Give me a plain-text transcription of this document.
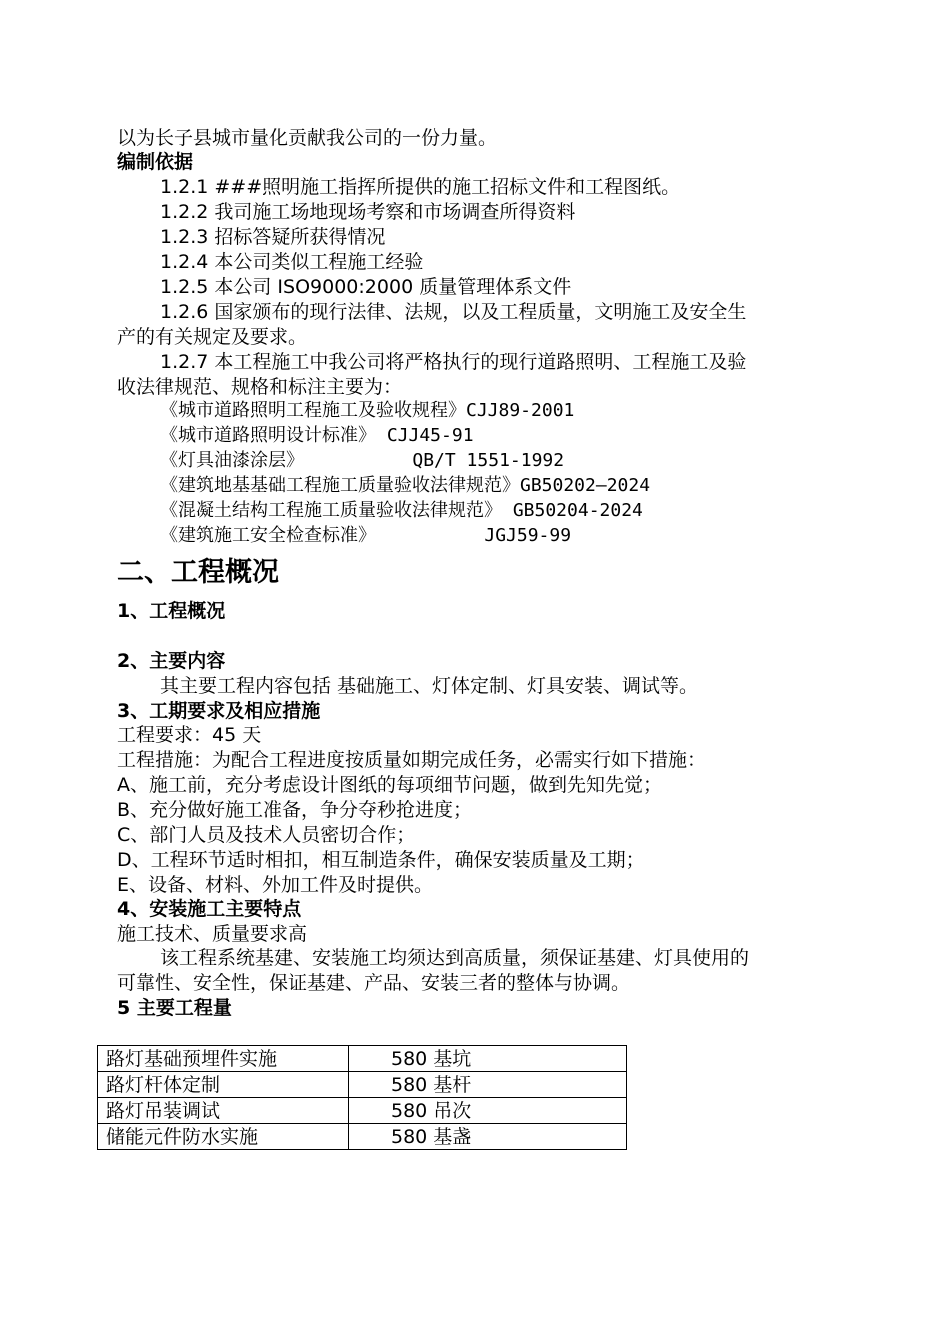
以为长子县城市量化贡献我公司的一份力量。
编制依据
1.2.1 ###照明施工指挥所提供的施工招标文件和工程图纸。
1.2.2 我司施工场地现场考察和市场调查所得资料
1.2.3 招标答疑所获得情况
1.2.4 本公司类似工程施工经验
1.2.5 本公司 ISO9000:2000 质量管理体系文件
1.2.6 国家颁布的现行法律、法规，以及工程质量，文明施工及安全生
产的有关规定及要求。
1.2.7 本工程施工中我公司将严格执行的现行道路照明、工程施工及验
收法律规范、规格和标注主要为：
《城市道路照明工程施工及验收规程》CJJ89-2001
《城市道路照明设计标准》 CJJ45-91
《灯具油漆涂层》          QB/T 1551-1992
《建筑地基基础工程施工质量验收法律规范》GB50202—2024
《混凝土结构工程施工质量验收法律规范》 GB50204-2024
《建筑施工安全检查标准》          JGJ59-99
二、工程概况
1、工程概况
2、主要内容
其主要工程内容包括 基础施工、灯体定制、灯具安装、调试等。
3、工期要求及相应措施
工程要求：45 天
工程措施：为配合工程进度按质量如期完成任务，必需实行如下措施：
A、施工前，充分考虑设计图纸的每项细节问题，做到先知先觉；
B、充分做好施工准备，争分夺秒抢进度；
C、部门人员及技术人员密切合作；
D、工程环节适时相扣，相互制造条件，确保安装质量及工期；
E、设备、材料、外加工件及时提供。
4、安装施工主要特点
施工技术、质量要求高
该工程系统基建、安装施工均须达到高质量，须保证基建、灯具使用的
可靠性、安全性，保证基建、产品、安装三者的整体与协调。
5 主要工程量
路灯基础预埋件实施	580 基坑
路灯杆体定制	580 基杆
路灯吊装调试	580 吊次
储能元件防水实施	580 基盏
